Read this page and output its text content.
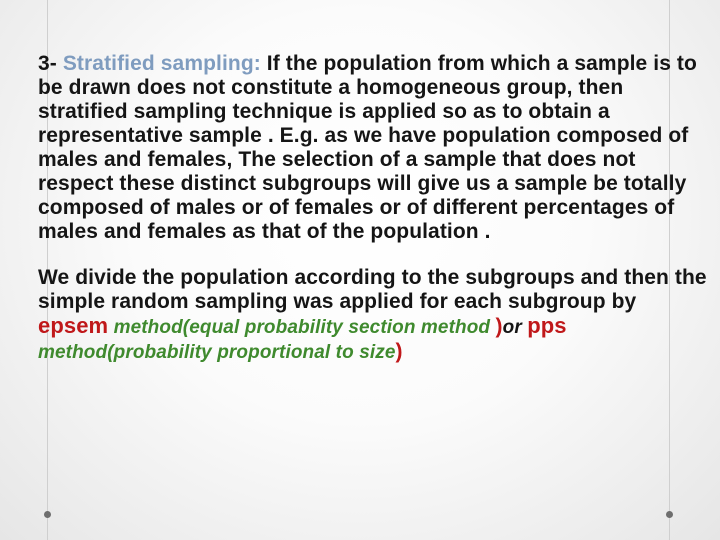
3- Stratified sampling: If the population from which a sample is to be drawn does not constitute a homogeneous group, then stratified sampling technique is applied so as to obtain a representative sample . E.g. as we have population composed of males and females, The selection of a sample that does not respect these distinct subgroups will give us a sample be totally composed of males or of females or of different percentages of males and females as that of the population .

We divide the population according to the subgroups and then the simple random sampling was applied for each subgroup by epsem method(equal probability section method )or pps method(probability proportional to size)
